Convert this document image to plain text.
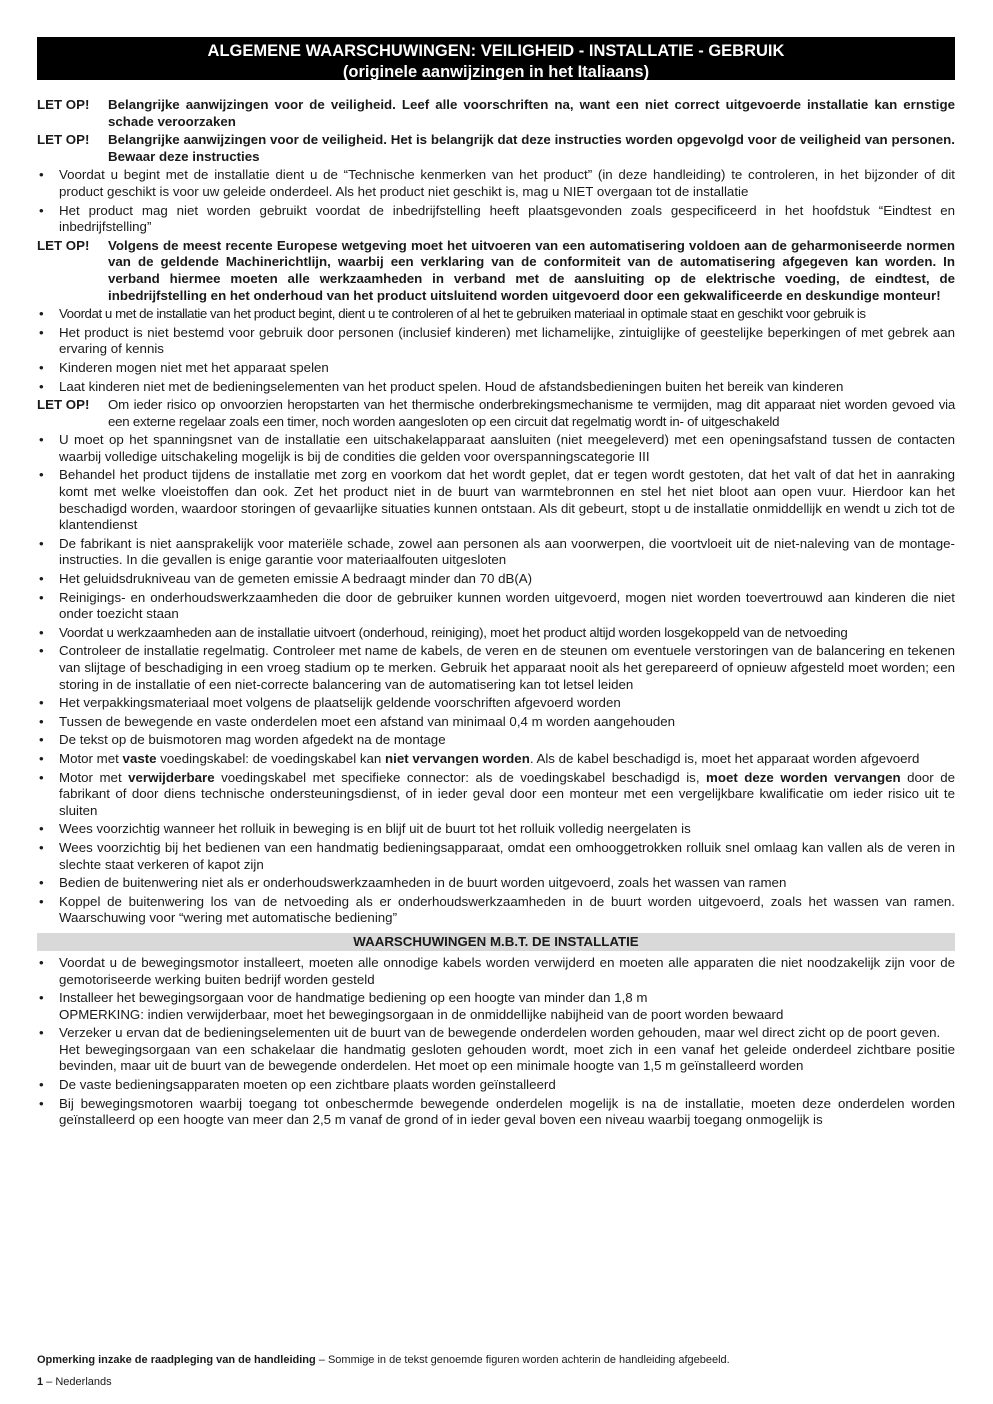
ALGEMENE WAARSCHUWINGEN: VEILIGHEID - INSTALLATIE - GEBRUIK
(originele aanwijzingen in het Italiaans)
LET OP!	Belangrijke aanwijzingen voor de veiligheid. Leef alle voorschriften na, want een niet correct uitgevoerde installatie kan ernstige schade veroorzaken
LET OP!	Belangrijke aanwijzingen voor de veiligheid. Het is belangrijk dat deze instructies worden opgevolgd voor de veiligheid van personen. Bewaar deze instructies
•	Voordat u begint met de installatie dient u de “Technische kenmerken van het product” (in deze handleiding) te controleren, in het bijzonder of dit product geschikt is voor uw geleide onderdeel. Als het product niet geschikt is, mag u NIET overgaan tot de installatie
•	Het product mag niet worden gebruikt voordat de inbedrijfstelling heeft plaatsgevonden zoals gespecificeerd in het hoofdstuk “Eindtest en inbedrijfstelling”
LET OP!	Volgens de meest recente Europese wetgeving moet het uitvoeren van een automatisering voldoen aan de geharmoniseerde normen van de geldende Machinerichtlijn, waarbij een verklaring van de conformiteit van de automatisering afgegeven kan worden. In verband hiermee moeten alle werkzaamheden in verband met de aansluiting op de elektrische voeding, de eindtest, de inbedrijfstelling en het onderhoud van het product uitsluitend worden uitgevoerd door een gekwalificeerde en deskundige monteur!
•	Voordat u met de installatie van het product begint, dient u te controleren of al het te gebruiken materiaal in optimale staat en geschikt voor gebruik is
•	Het product is niet bestemd voor gebruik door personen (inclusief kinderen) met lichamelijke, zintuiglijke of geestelijke beperkingen of met gebrek aan ervaring of kennis
•	Kinderen mogen niet met het apparaat spelen
•	Laat kinderen niet met de bedieningselementen van het product spelen. Houd de afstandsbedieningen buiten het bereik van kinderen
LET OP!	Om ieder risico op onvoorzien heropstarten van het thermische onderbrekingsmechanisme te vermijden, mag dit apparaat niet worden gevoed via een externe regelaar zoals een timer, noch worden aangesloten op een circuit dat regelmatig wordt in- of uitgeschakeld
•	U moet op het spanningsnet van de installatie een uitschakelapparaat aansluiten (niet meegeleverd) met een openingsafstand tussen de contacten waarbij volledige uitschakeling mogelijk is bij de condities die gelden voor overspanningscategorie III
•	Behandel het product tijdens de installatie met zorg en voorkom dat het wordt geplet, dat er tegen wordt gestoten, dat het valt of dat het in aanraking komt met welke vloeistoffen dan ook. Zet het product niet in de buurt van warmtebronnen en stel het niet bloot aan open vuur. Hierdoor kan het beschadigd worden, waardoor storingen of gevaarlijke situaties kunnen ontstaan. Als dit gebeurt, stopt u de installatie onmiddellijk en wendt u zich tot de klantendienst
•	De fabrikant is niet aansprakelijk voor materiële schade, zowel aan personen als aan voorwerpen, die voortvloeit uit de niet-naleving van de montage-instructies. In die gevallen is enige garantie voor materiaalfouten uitgesloten
•	Het geluidsdrukniveau van de gemeten emissie A bedraagt minder dan 70 dB(A)
•	Reinigings- en onderhoudswerkzaamheden die door de gebruiker kunnen worden uitgevoerd, mogen niet worden toevertrouwd aan kinderen die niet onder toezicht staan
•	Voordat u werkzaamheden aan de installatie uitvoert (onderhoud, reiniging), moet het product altijd worden losgekoppeld van de netvoeding
•	Controleer de installatie regelmatig. Controleer met name de kabels, de veren en de steunen om eventuele verstoringen van de balancering en tekenen van slijtage of beschadiging in een vroeg stadium op te merken. Gebruik het apparaat nooit als het gerepareerd of opnieuw afgesteld moet worden; een storing in de installatie of een niet-correcte balancering van de automatisering kan tot letsel leiden
•	Het verpakkingsmateriaal moet volgens de plaatselijk geldende voorschriften afgevoerd worden
•	Tussen de bewegende en vaste onderdelen moet een afstand van minimaal 0,4 m worden aangehouden
•	De tekst op de buismotoren mag worden afgedekt na de montage
•	Motor met vaste voedingskabel: de voedingskabel kan niet vervangen worden. Als de kabel beschadigd is, moet het apparaat worden afgevoerd
•	Motor met verwijderbare voedingskabel met specifieke connector: als de voedingskabel beschadigd is, moet deze worden vervangen door de fabrikant of door diens technische ondersteuningsdienst, of in ieder geval door een monteur met een vergelijkbare kwalificatie om ieder risico uit te sluiten
•	Wees voorzichtig wanneer het rolluik in beweging is en blijf uit de buurt tot het rolluik volledig neergelaten is
•	Wees voorzichtig bij het bedienen van een handmatig bedieningsapparaat, omdat een omhooggetrokken rolluik snel omlaag kan vallen als de veren in slechte staat verkeren of kapot zijn
•	Bedien de buitenwering niet als er onderhoudswerkzaamheden in de buurt worden uitgevoerd, zoals het wassen van ramen
•	Koppel de buitenwering los van de netvoeding als er onderhoudswerkzaamheden in de buurt worden uitgevoerd, zoals het wassen van ramen. Waarschuwing voor “wering met automatische bediening”
WAARSCHUWINGEN M.B.T. DE INSTALLATIE
•	Voordat u de bewegingsmotor installeert, moeten alle onnodige kabels worden verwijderd en moeten alle apparaten die niet noodzakelijk zijn voor de gemotoriseerde werking buiten bedrijf worden gesteld
•	Installeer het bewegingsorgaan voor de handmatige bediening op een hoogte van minder dan 1,8 m
OPMERKING: indien verwijderbaar, moet het bewegingsorgaan in de onmiddellijke nabijheid van de poort worden bewaard
•	Verzeker u ervan dat de bedieningselementen uit de buurt van de bewegende onderdelen worden gehouden, maar wel direct zicht op de poort geven.
Het bewegingsorgaan van een schakelaar die handmatig gesloten gehouden wordt, moet zich in een vanaf het geleide onderdeel zichtbare positie bevinden, maar uit de buurt van de bewegende onderdelen. Het moet op een minimale hoogte van 1,5 m geïnstalleerd worden
•	De vaste bedieningsapparaten moeten op een zichtbare plaats worden geïnstalleerd
•	Bij bewegingsmotoren waarbij toegang tot onbeschermde bewegende onderdelen mogelijk is na de installatie, moeten deze onderdelen worden geïnstalleerd op een hoogte van meer dan 2,5 m vanaf de grond of in ieder geval boven een niveau waarbij toegang onmogelijk is
Opmerking inzake de raadpleging van de handleiding – Sommige in de tekst genoemde figuren worden achterin de handleiding afgebeeld.
1 – Nederlands
